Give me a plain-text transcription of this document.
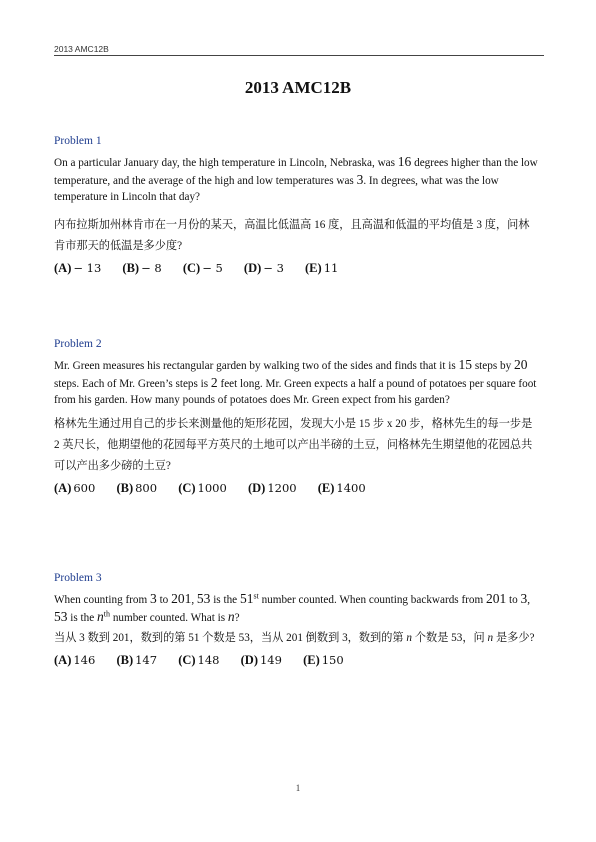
2013 AMC12B
2013 AMC12B
Problem 1

On a particular January day, the high temperature in Lincoln, Nebraska, was 16 degrees higher than the low temperature, and the average of the high and low temperatures was 3. In degrees, what was the low temperature in Lincoln that day?

内布拉斯加州林肯市在一月份的某天，高温比低温高 16 度，且高温和低温的平均值是 3 度，问林肯市那天的低温是多少度?

(A) − 13 (B) − 8 (C) − 5 (D) − 3 (E) 11
Problem 2

Mr. Green measures his rectangular garden by walking two of the sides and finds that it is 15 steps by 20 steps. Each of Mr. Green’s steps is 2 feet long. Mr. Green expects a half a pound of potatoes per square foot from his garden. How many pounds of potatoes does Mr. Green expect from his garden?

格林先生通过用自己的步长来测量他的矩形花园，发现大小是 15 步 x 20 步，格林先生的每一步是 2 英尺长，他期望他的花园每平方英尺的土地可以产出半磅的土豆，问格林先生期望他的花园总共可以产出多少磅的土豆?

(A) 600 (B) 800 (C) 1000 (D) 1200 (E) 1400
Problem 3

When counting from 3 to 201, 53 is the 51st number counted. When counting backwards from 201 to 3, 53 is the $n^{th}$ number counted. What is n?

当从 3 数到 201，数到的第 51 个数是 53，当从 201 倒数到 3，数到的第 n 个数是 53，问 n 是多少?

(A) 146 (B) 147 (C) 148 (D) 149 (E) 150
1
